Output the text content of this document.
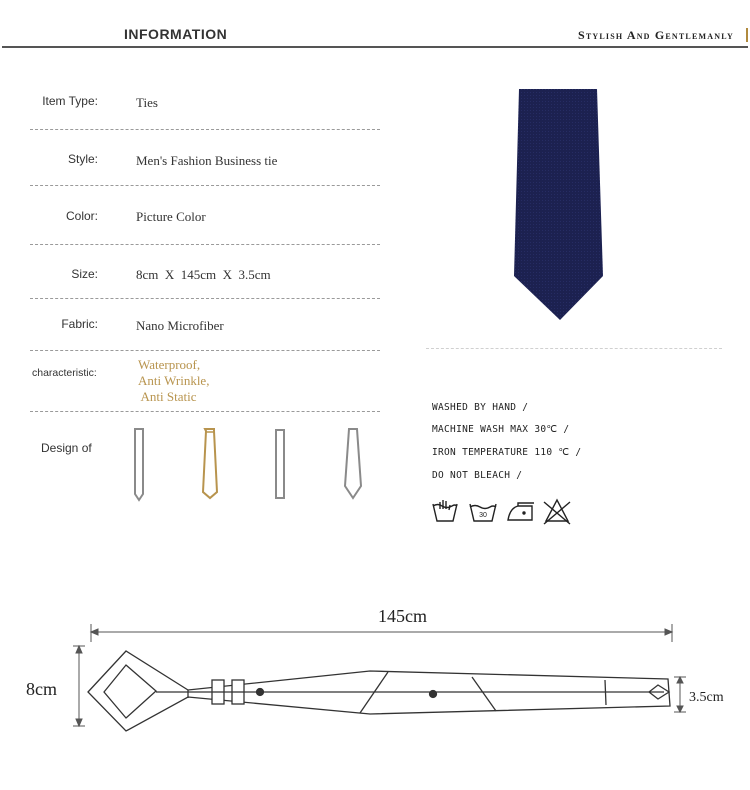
INFORMATION	Stylish And Gentlemanly
Item Type:	Ties
Style:	Men's Fashion Business tie
Color:	Picture Color
Size:	8cm  X  145cm  X  3.5cm
Fabric:	Nano Microfiber
characteristic:
Waterproof,
Anti Wrinkle,
Anti Static
Design of
WASHED BY HAND /
MACHINE WASH MAX 30℃ /
IRON TEMPERATURE 110 ℃ /
DO NOT BLEACH /
30
145cm
8cm	3.5cm
